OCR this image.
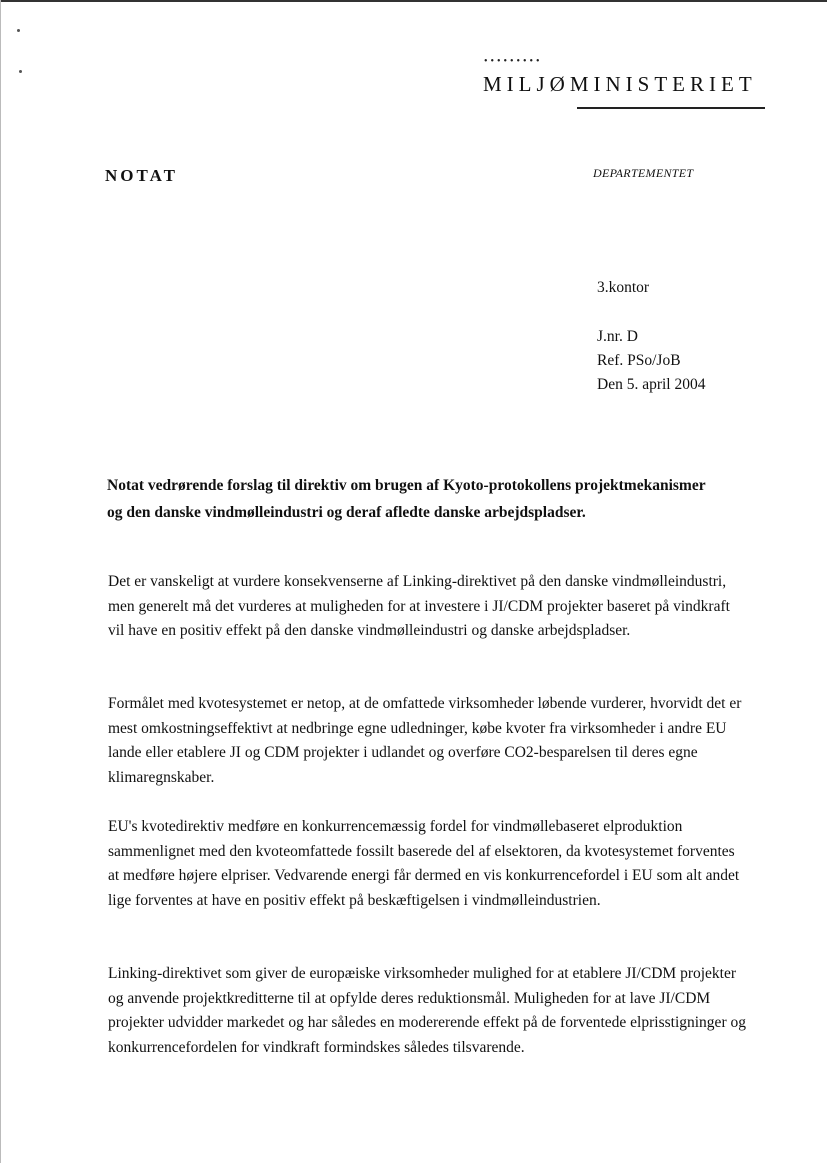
•••••••••
MILJØMINISTERIET
NOTAT	DEPARTEMENTET
3.kontor
J.nr. D
Ref. PSo/JoB
Den 5. april 2004
Notat vedrørende forslag til direktiv om brugen af Kyoto-protokollens projektmekanismer og den danske vindmølleindustri og deraf afledte danske arbejdspladser.
Det er vanskeligt at vurdere konsekvenserne af Linking-direktivet på den danske vindmølleindustri, men generelt må det vurderes at muligheden for at investere i JI/CDM projekter baseret på vindkraft vil have en positiv effekt på den danske vindmølleindustri og danske arbejdspladser.
Formålet med kvotesystemet er netop, at de omfattede virksomheder løbende vurderer, hvorvidt det er mest omkostningseffektivt at nedbringe egne udledninger, købe kvoter fra virksomheder i andre EU lande eller etablere JI og CDM projekter i udlandet og overføre CO2-besparelsen til deres egne klimaregnskaber.
EU's kvotedirektiv medføre en konkurrencemæssig fordel for vindmøllebaseret elproduktion sammenlignet med den kvoteomfattede fossilt baserede del af elsektoren, da kvotesystemet forventes at medføre højere elpriser. Vedvarende energi får dermed en vis konkurrencefordel i EU som alt andet lige forventes at have en positiv effekt på beskæftigelsen i vindmølleindustrien.
Linking-direktivet som giver de europæiske virksomheder mulighed for at etablere JI/CDM projekter og anvende projektkreditterne til at opfylde deres reduktionsmål. Muligheden for at lave JI/CDM projekter udvidder markedet og har således en modererende effekt på de forventede elprisstigninger og konkurrencefordelen for vindkraft formindskes således tilsvarende.
